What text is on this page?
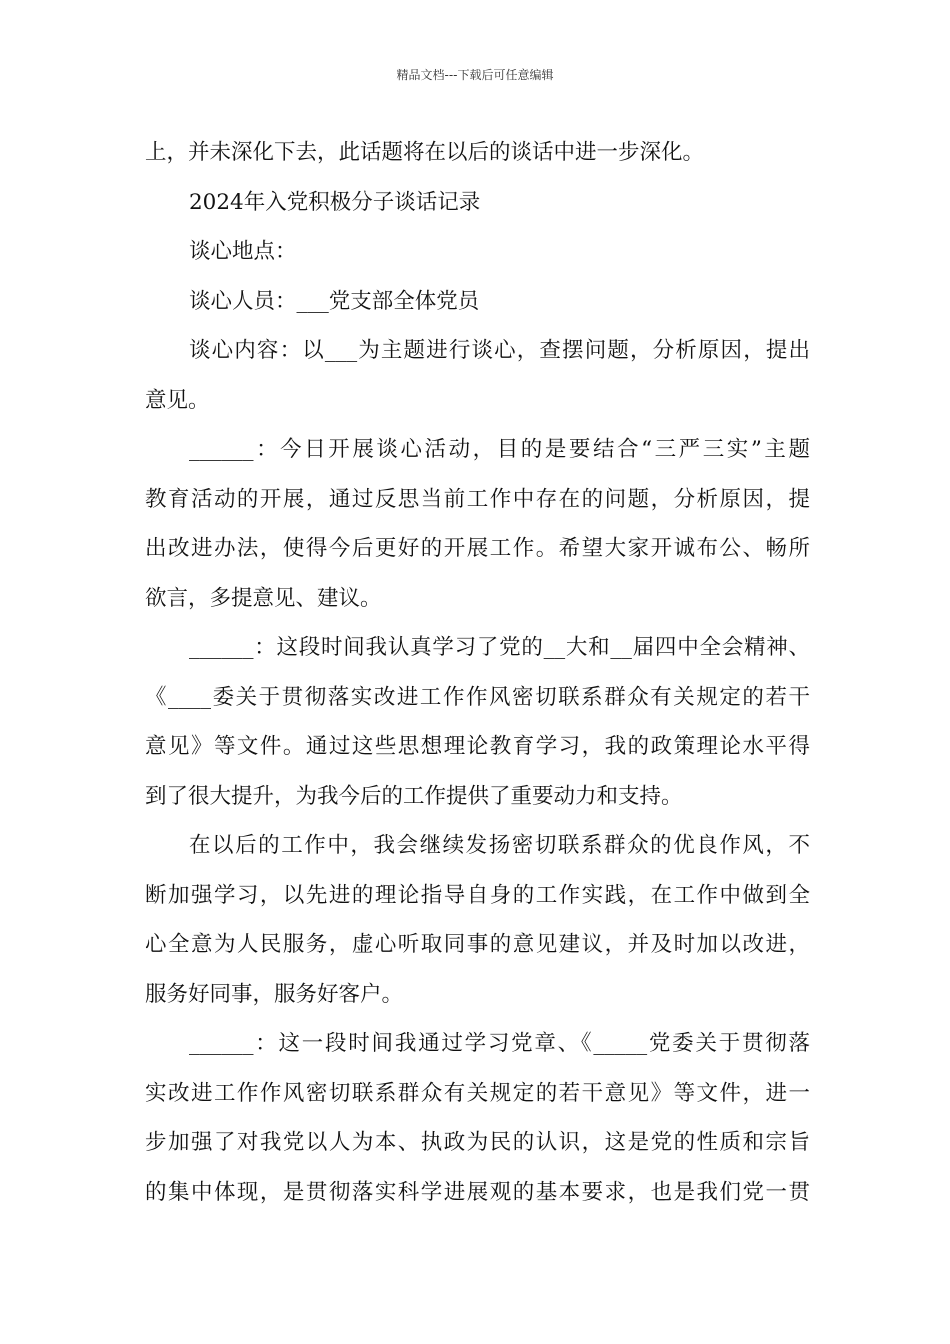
精品文档---下载后可任意编辑
上，并未深化下去，此话题将在以后的谈话中进一步深化。
2024年入党积极分子谈话记录
谈心地点：
谈心人员：___党支部全体党员
谈心内容：以___为主题进行谈心，查摆问题，分析原因，提出
意见。
______：今日开展谈心活动，目的是要结合“三严三实”主题
教育活动的开展，通过反思当前工作中存在的问题，分析原因，提
出改进办法，使得今后更好的开展工作。希望大家开诚布公、畅所
欲言，多提意见、建议。
______：这段时间我认真学习了党的__大和__届四中全会精神、
《____委关于贯彻落实改进工作作风密切联系群众有关规定的若干
意见》等文件。通过这些思想理论教育学习，我的政策理论水平得
到了很大提升，为我今后的工作提供了重要动力和支持。
在以后的工作中，我会继续发扬密切联系群众的优良作风，不
断加强学习，以先进的理论指导自身的工作实践，在工作中做到全
心全意为人民服务，虚心听取同事的意见建议，并及时加以改进，
服务好同事，服务好客户。
______：这一段时间我通过学习党章、《_____党委关于贯彻落
实改进工作作风密切联系群众有关规定的若干意见》等文件，进一
步加强了对我党以人为本、执政为民的认识，这是党的性质和宗旨
的集中体现，是贯彻落实科学进展观的基本要求，也是我们党一贯
